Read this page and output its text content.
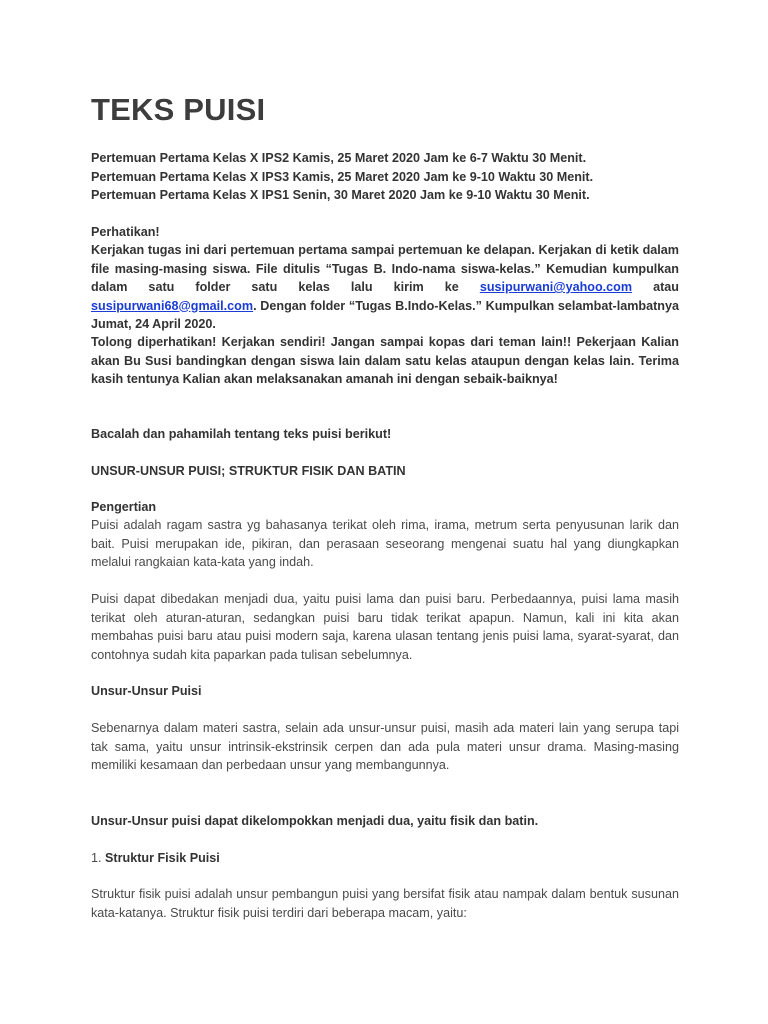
TEKS PUISI
Pertemuan Pertama Kelas X IPS2 Kamis, 25 Maret 2020 Jam ke 6-7 Waktu 30 Menit.
Pertemuan Pertama Kelas X IPS3 Kamis, 25 Maret 2020 Jam ke 9-10 Waktu 30 Menit.
Pertemuan Pertama Kelas X IPS1 Senin, 30 Maret 2020 Jam ke 9-10 Waktu 30 Menit.
Perhatikan!
Kerjakan tugas ini dari pertemuan pertama sampai pertemuan ke delapan. Kerjakan di ketik dalam file masing-masing siswa. File ditulis “Tugas B. Indo-nama siswa-kelas.” Kemudian kumpulkan dalam satu folder satu kelas lalu kirim ke susipurwani@yahoo.com atau susipurwani68@gmail.com. Dengan folder “Tugas B.Indo-Kelas.” Kumpulkan selambat-lambatnya Jumat, 24 April 2020.
Tolong diperhatikan! Kerjakan sendiri! Jangan sampai kopas dari teman lain!! Pekerjaan Kalian akan Bu Susi bandingkan dengan siswa lain dalam satu kelas ataupun dengan kelas lain. Terima kasih tentunya Kalian akan melaksanakan amanah ini dengan sebaik-baiknya!
Bacalah dan pahamilah tentang teks puisi berikut!
UNSUR-UNSUR PUISI; STRUKTUR FISIK DAN BATIN
Pengertian
Puisi adalah ragam sastra yg bahasanya terikat oleh rima, irama, metrum serta penyusunan larik dan bait. Puisi merupakan ide, pikiran, dan perasaan seseorang mengenai suatu hal yang diungkapkan melalui rangkaian kata-kata yang indah.
Puisi dapat dibedakan menjadi dua, yaitu puisi lama dan puisi baru. Perbedaannya, puisi lama masih terikat oleh aturan-aturan, sedangkan puisi baru tidak terikat apapun. Namun, kali ini kita akan membahas puisi baru atau puisi modern saja, karena ulasan tentang jenis puisi lama, syarat-syarat, dan contohnya sudah kita paparkan pada tulisan sebelumnya.
Unsur-Unsur Puisi
Sebenarnya dalam materi sastra, selain ada unsur-unsur puisi, masih ada materi lain yang serupa tapi tak sama, yaitu unsur intrinsik-ekstrinsik cerpen dan ada pula materi unsur drama. Masing-masing memiliki kesamaan dan perbedaan unsur yang membangunnya.
Unsur-Unsur puisi dapat dikelompokkan menjadi dua, yaitu fisik dan batin.
1. Struktur Fisik Puisi
Struktur fisik puisi adalah unsur pembangun puisi yang bersifat fisik atau nampak dalam bentuk susunan kata-katanya. Struktur fisik puisi terdiri dari beberapa macam, yaitu:
